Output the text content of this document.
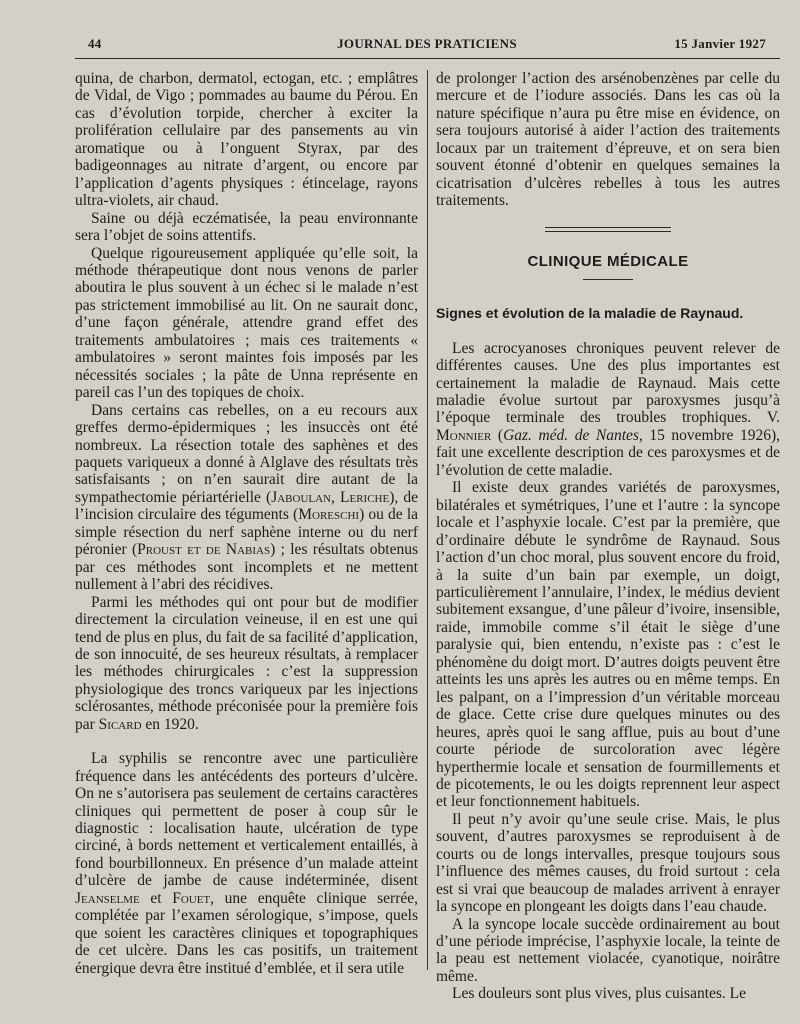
44	JOURNAL DES PRATICIENS	15 Janvier 1927

quina, de charbon, dermatol, ectogan, etc. ; emplâtres de Vidal, de Vigo ; pommades au baume du Pérou. En cas d’évolution torpide, chercher à exciter la prolifération cellulaire par des pansements au vin aromatique ou à l’onguent Styrax, par des badigeonnages au nitrate d’argent, ou encore par l’application d’agents physiques : étincelage, rayons ultra-violets, air chaud.

Saine ou déjà eczématisée, la peau environnante sera l’objet de soins attentifs.

Quelque rigoureusement appliquée qu’elle soit, la méthode thérapeutique dont nous venons de parler aboutira le plus souvent à un échec si le malade n’est pas strictement immobilisé au lit. On ne saurait donc, d’une façon générale, attendre grand effet des traitements ambulatoires ; mais ces traitements « ambulatoires » seront maintes fois imposés par les nécessités sociales ; la pâte de Unna représente en pareil cas l’un des topiques de choix.

Dans certains cas rebelles, on a eu recours aux greffes dermo-épidermiques ; les insuccès ont été nombreux. La résection totale des saphènes et des paquets variqueux a donné à Alglave des résultats très satisfaisants ; on n’en saurait dire autant de la sympathectomie périartérielle (Jaboulan, Leriche), de l’incision circulaire des téguments (Moreschi) ou de la simple résection du nerf saphène interne ou du nerf péronier (Proust et de Nabias) ; les résultats obtenus par ces méthodes sont incomplets et ne mettent nullement à l’abri des récidives.

Parmi les méthodes qui ont pour but de modifier directement la circulation veineuse, il en est une qui tend de plus en plus, du fait de sa facilité d’application, de son innocuité, de ses heureux résultats, à remplacer les méthodes chirurgicales : c’est la suppression physiologique des troncs variqueux par les injections sclérosantes, méthode préconisée pour la première fois par Sicard en 1920.

La syphilis se rencontre avec une particulière fréquence dans les antécédents des porteurs d’ulcère. On ne s’autorisera pas seulement de certains caractères cliniques qui permettent de poser à coup sûr le diagnostic : localisation haute, ulcération de type circiné, à bords nettement et verticalement entaillés, à fond bourbillonneux. En présence d’un malade atteint d’ulcère de jambe de cause indéterminée, disent Jeanselme et Fouet, une enquête clinique serrée, complétée par l’examen sérologique, s’impose, quels que soient les caractères cliniques et topographiques de cet ulcère. Dans les cas positifs, un traitement énergique devra être institué d’emblée, et il sera utile

de prolonger l’action des arsénobenzènes par celle du mercure et de l’iodure associés. Dans les cas où la nature spécifique n’aura pu être mise en évidence, on sera toujours autorisé à aider l’action des traitements locaux par un traitement d’épreuve, et on sera bien souvent étonné d’obtenir en quelques semaines la cicatrisation d’ulcères rebelles à tous les autres traitements.

CLINIQUE MÉDICALE
Signes et évolution de la maladie de Raynaud.

Les acrocyanoses chroniques peuvent relever de différentes causes. Une des plus importantes est certainement la maladie de Raynaud. Mais cette maladie évolue surtout par paroxysmes jusqu’à l’époque terminale des troubles trophiques. V. Monnier (Gaz. méd. de Nantes, 15 novembre 1926), fait une excellente description de ces paroxysmes et de l’évolution de cette maladie.

Il existe deux grandes variétés de paroxysmes, bilatérales et symétriques, l’une et l’autre : la syncope locale et l’asphyxie locale. C’est par la première, que d’ordinaire débute le syndrôme de Raynaud. Sous l’action d’un choc moral, plus souvent encore du froid, à la suite d’un bain par exemple, un doigt, particulièrement l’annulaire, l’index, le médius devient subitement exsangue, d’une pâleur d’ivoire, insensible, raide, immobile comme s’il était le siège d’une paralysie qui, bien entendu, n’existe pas : c’est le phénomène du doigt mort. D’autres doigts peuvent être atteints les uns après les autres ou en même temps. En les palpant, on a l’impression d’un véritable morceau de glace. Cette crise dure quelques minutes ou des heures, après quoi le sang afflue, puis au bout d’une courte période de surcoloration avec légère hyperthermie locale et sensation de fourmillements et de picotements, le ou les doigts reprennent leur aspect et leur fonctionnement habituels.

Il peut n’y avoir qu’une seule crise. Mais, le plus souvent, d’autres paroxysmes se reproduisent à de courts ou de longs intervalles, presque toujours sous l’influence des mêmes causes, du froid surtout : cela est si vrai que beaucoup de malades arrivent à enrayer la syncope en plongeant les doigts dans l’eau chaude.

A la syncope locale succède ordinairement au bout d’une période imprécise, l’asphyxie locale, la teinte de la peau est nettement violacée, cyanotique, noirâtre même.

Les douleurs sont plus vives, plus cuisantes. Le
